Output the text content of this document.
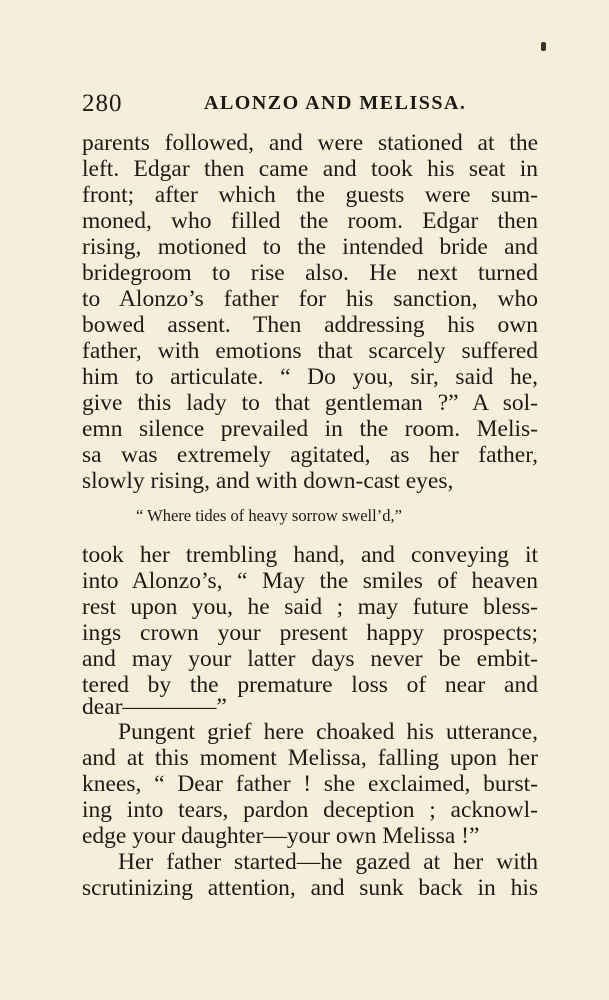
280	ALONZO AND MELISSA.
parents followed, and were stationed at the
left. Edgar then came and took his seat in
front; after which the guests were sum-
moned, who filled the room. Edgar then
rising, motioned to the intended bride and
bridegroom to rise also. He next turned
to Alonzo’s father for his sanction, who
bowed assent. Then addressing his own
father, with emotions that scarcely suffered
him to articulate. “ Do you, sir, said he,
give this lady to that gentleman ?” A sol-
emn silence prevailed in the room. Melis-
sa was extremely agitated, as her father,
slowly rising, and with down-cast eyes,
“ Where tides of heavy sorrow swell’d,”
took her trembling hand, and conveying it
into Alonzo’s, “ May the smiles of heaven
rest upon you, he said ; may future bless-
ings crown your present happy prospects;
and may your latter days never be embit-
tered by the premature loss of near and
dear————”
Pungent grief here choaked his utterance,
and at this moment Melissa, falling upon her
knees, “ Dear father ! she exclaimed, burst-
ing into tears, pardon deception ; acknowl-
edge your daughter—your own Melissa !”
Her father started—he gazed at her with
scrutinizing attention, and sunk back in his
